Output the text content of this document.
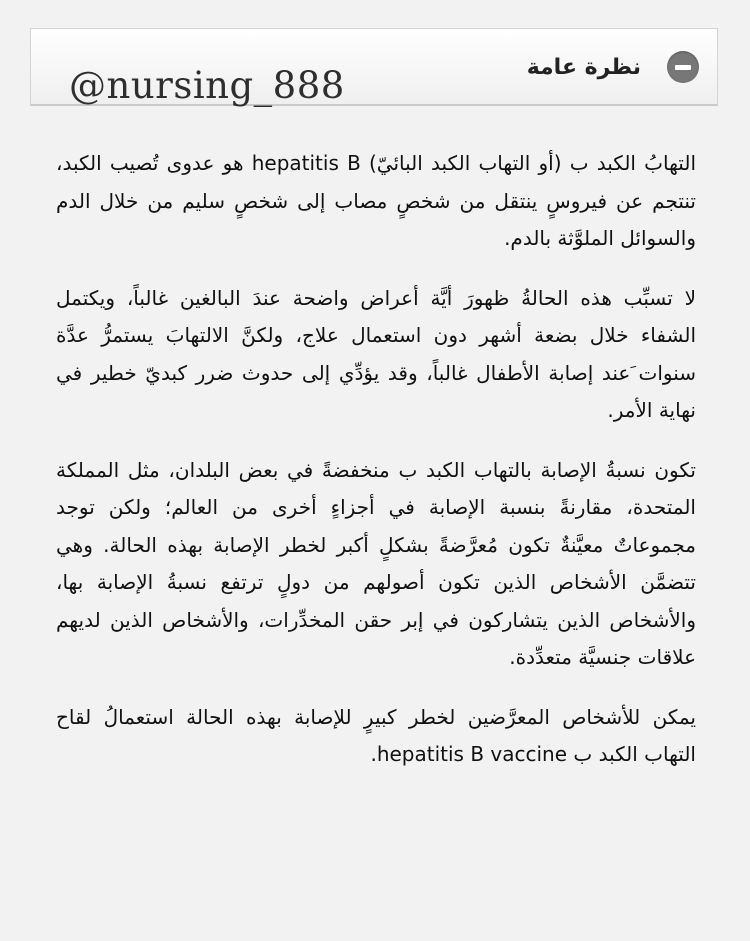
@nursing_888	نظرة عامة

التهابُ الكبد ب (أو التهاب الكبد البائيّ) hepatitis B هو عدوى تُصيب الكبد، تنتجم عن فيروسٍ ينتقل من شخصٍ مصاب إلى شخصٍ سليم من خلال الدم والسوائل الملوَّثة بالدم.

لا تسبِّب هذه الحالةُ ظهورَ أيَّة أعراض واضحة عندَ البالغين غالباً، ويكتمل الشفاء خلال بضعة أشهر دون استعمال علاج، ولكنَّ الالتهابَ يستمرُّ عدَّة سنوات َعند إصابة الأطفال غالباً، وقد يؤدِّي إلى حدوث ضرر كبديّ خطير في نهاية الأمر.

تكون نسبةُ الإصابة بالتهاب الكبد ب منخفضةً في بعض البلدان، مثل المملكة المتحدة، مقارنةً بنسبة الإصابة في أجزاءٍ أخرى من العالم؛ ولكن توجد مجموعاتٌ معيَّنةٌ تكون مُعرَّضةً بشكلٍ أكبر لخطر الإصابة بهذه الحالة. وهي تتضمَّن الأشخاص الذين تكون أصولهم من دولٍ ترتفع نسبةُ الإصابة بها، والأشخاص الذين يتشاركون في إبر حقن المخدِّرات، والأشخاص الذين لديهم علاقات جنسيَّة متعدِّدة.

يمكن للأشخاص المعرَّضين لخطر كبيرٍ للإصابة بهذه الحالة استعمالُ لقاح التهاب الكبد ب hepatitis B vaccine.
